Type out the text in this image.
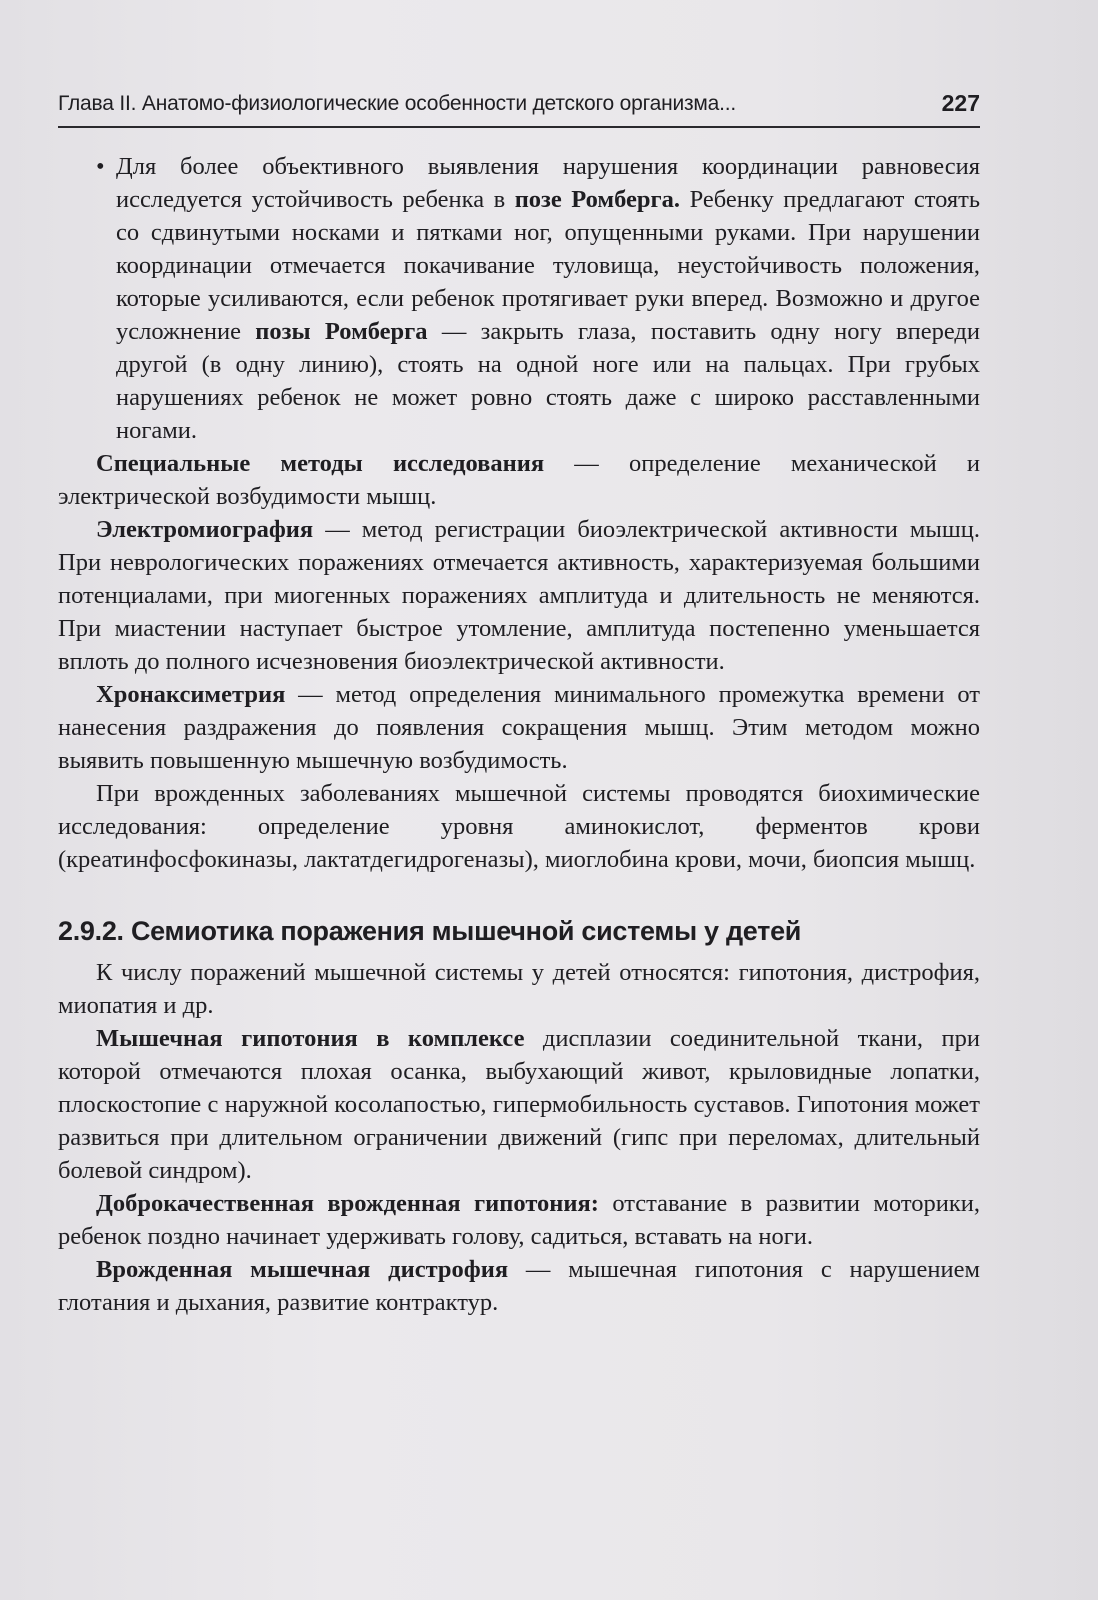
Глава II. Анатомо-физиологические особенности детского организма...	227

• Для более объективного выявления нарушения координации равновесия исследуется устойчивость ребенка в позе Ромберга. Ребенку предлагают стоять со сдвинутыми носками и пятками ног, опущенными руками. При нарушении координации отмечается покачивание туловища, неустойчивость положения, которые усиливаются, если ребенок протягивает руки вперед. Возможно и другое усложнение позы Ромберга — закрыть глаза, поставить одну ногу впереди другой (в одну линию), стоять на одной ноге или на пальцах. При грубых нарушениях ребенок не может ровно стоять даже с широко расставленными ногами.

Специальные методы исследования — определение механической и электрической возбудимости мышц.

Электромиография — метод регистрации биоэлектрической активности мышц. При неврологических поражениях отмечается активность, характеризуемая большими потенциалами, при миогенных поражениях амплитуда и длительность не меняются. При миастении наступает быстрое утомление, амплитуда постепенно уменьшается вплоть до полного исчезновения биоэлектрической активности.

Хронаксиметрия — метод определения минимального промежутка времени от нанесения раздражения до появления сокращения мышц. Этим методом можно выявить повышенную мышечную возбудимость.

При врожденных заболеваниях мышечной системы проводятся биохимические исследования: определение уровня аминокислот, ферментов крови (креатинфосфокиназы, лактатдегидрогеназы), миоглобина крови, мочи, биопсия мышц.

2.9.2. Семиотика поражения мышечной системы у детей

К числу поражений мышечной системы у детей относятся: гипотония, дистрофия, миопатия и др.

Мышечная гипотония в комплексе дисплазии соединительной ткани, при которой отмечаются плохая осанка, выбухающий живот, крыловидные лопатки, плоскостопие с наружной косолапостью, гипермобильность суставов. Гипотония может развиться при длительном ограничении движений (гипс при переломах, длительный болевой синдром).

Доброкачественная врожденная гипотония: отставание в развитии моторики, ребенок поздно начинает удерживать голову, садиться, вставать на ноги.

Врожденная мышечная дистрофия — мышечная гипотония с нарушением глотания и дыхания, развитие контрактур.
